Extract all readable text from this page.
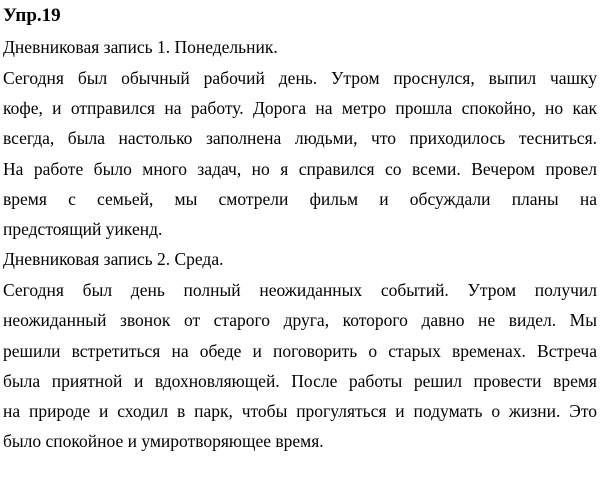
Упр.19
Дневниковая запись 1. Понедельник.
Сегодня был обычный рабочий день. Утром проснулся, выпил чашку
кофе, и отправился на работу. Дорога на метро прошла спокойно, но как
всегда, была настолько заполнена людьми, что приходилось тесниться.
На работе было много задач, но я справился со всеми. Вечером провел
время с семьей, мы смотрели фильм и обсуждали планы на
предстоящий уикенд.
Дневниковая запись 2. Среда.
Сегодня был день полный неожиданных событий. Утром получил
неожиданный звонок от старого друга, которого давно не видел. Мы
решили встретиться на обеде и поговорить о старых временах. Встреча
была приятной и вдохновляющей. После работы решил провести время
на природе и сходил в парк, чтобы прогуляться и подумать о жизни. Это
было спокойное и умиротворяющее время.
